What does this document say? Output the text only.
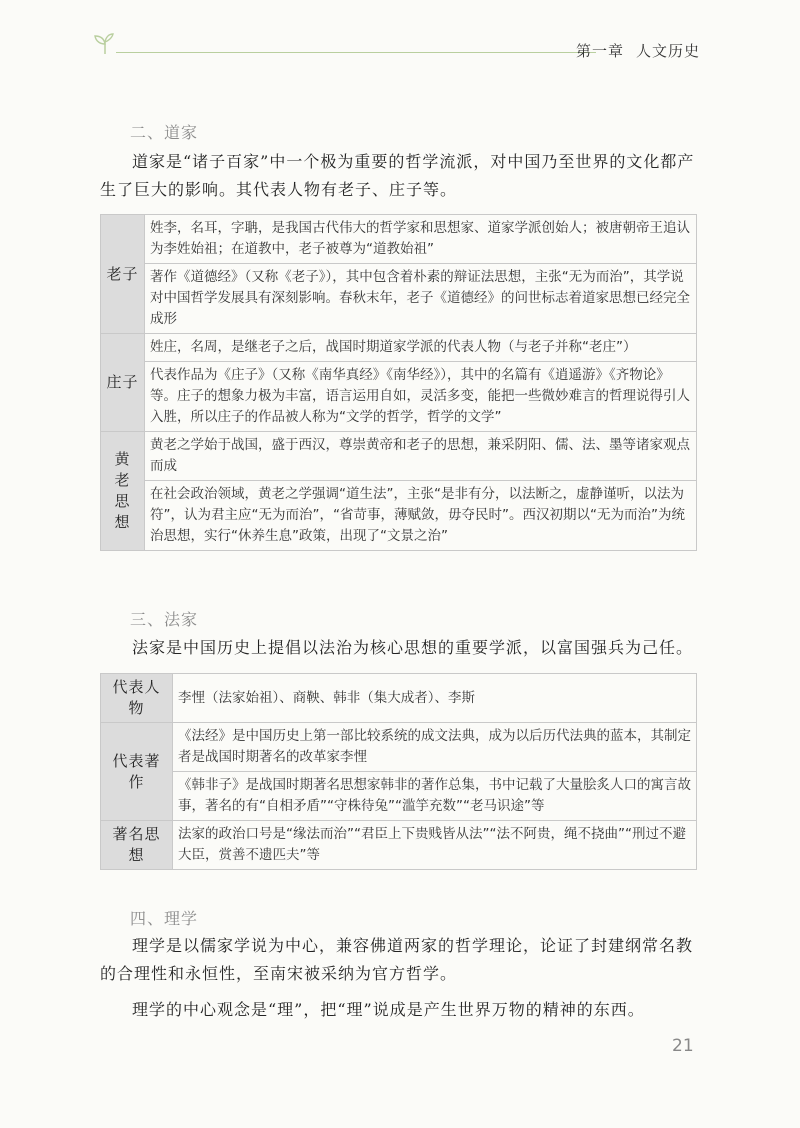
第一章 人文历史
二、道家
道家是“诸子百家”中一个极为重要的哲学流派，对中国乃至世界的文化都产生了巨大的影响。其代表人物有老子、庄子等。
老子	姓李，名耳，字聃，是我国古代伟大的哲学家和思想家、道家学派创始人；被唐朝帝王追认为李姓始祖；在道教中，老子被尊为“道教始祖”
	著作《道德经》（又称《老子》），其中包含着朴素的辩证法思想，主张“无为而治”，其学说对中国哲学发展具有深刻影响。春秋末年，老子《道德经》的问世标志着道家思想已经完全成形
庄子	姓庄，名周，是继老子之后，战国时期道家学派的代表人物（与老子并称“老庄”）
	代表作品为《庄子》（又称《南华真经》《南华经》），其中的名篇有《逍遥游》《齐物论》等。庄子的想象力极为丰富，语言运用自如，灵活多变，能把一些微妙难言的哲理说得引人入胜，所以庄子的作品被人称为“文学的哲学，哲学的文学”
黄老思想	黄老之学始于战国，盛于西汉，尊崇黄帝和老子的思想，兼采阴阳、儒、法、墨等诸家观点而成
	在社会政治领域，黄老之学强调“道生法”，主张“是非有分，以法断之，虚静谨听，以法为符”，认为君主应“无为而治”，“省苛事，薄赋敛，毋夺民时”。西汉初期以“无为而治”为统治思想，实行“休养生息”政策，出现了“文景之治”
三、法家
法家是中国历史上提倡以法治为核心思想的重要学派，以富国强兵为己任。
代表人物	李悝（法家始祖）、商鞅、韩非（集大成者）、李斯
代表著作	《法经》是中国历史上第一部比较系统的成文法典，成为以后历代法典的蓝本，其制定者是战国时期著名的改革家李悝
	《韩非子》是战国时期著名思想家韩非的著作总集，书中记载了大量脍炙人口的寓言故事，著名的有“自相矛盾”“守株待兔”“滥竽充数”“老马识途”等
著名思想	法家的政治口号是“缘法而治”“君臣上下贵贱皆从法”“法不阿贵，绳不挠曲”“刑过不避大臣，赏善不遗匹夫”等
四、理学
理学是以儒家学说为中心，兼容佛道两家的哲学理论，论证了封建纲常名教的合理性和永恒性，至南宋被采纳为官方哲学。
理学的中心观念是“理”，把“理”说成是产生世界万物的精神的东西。
21
